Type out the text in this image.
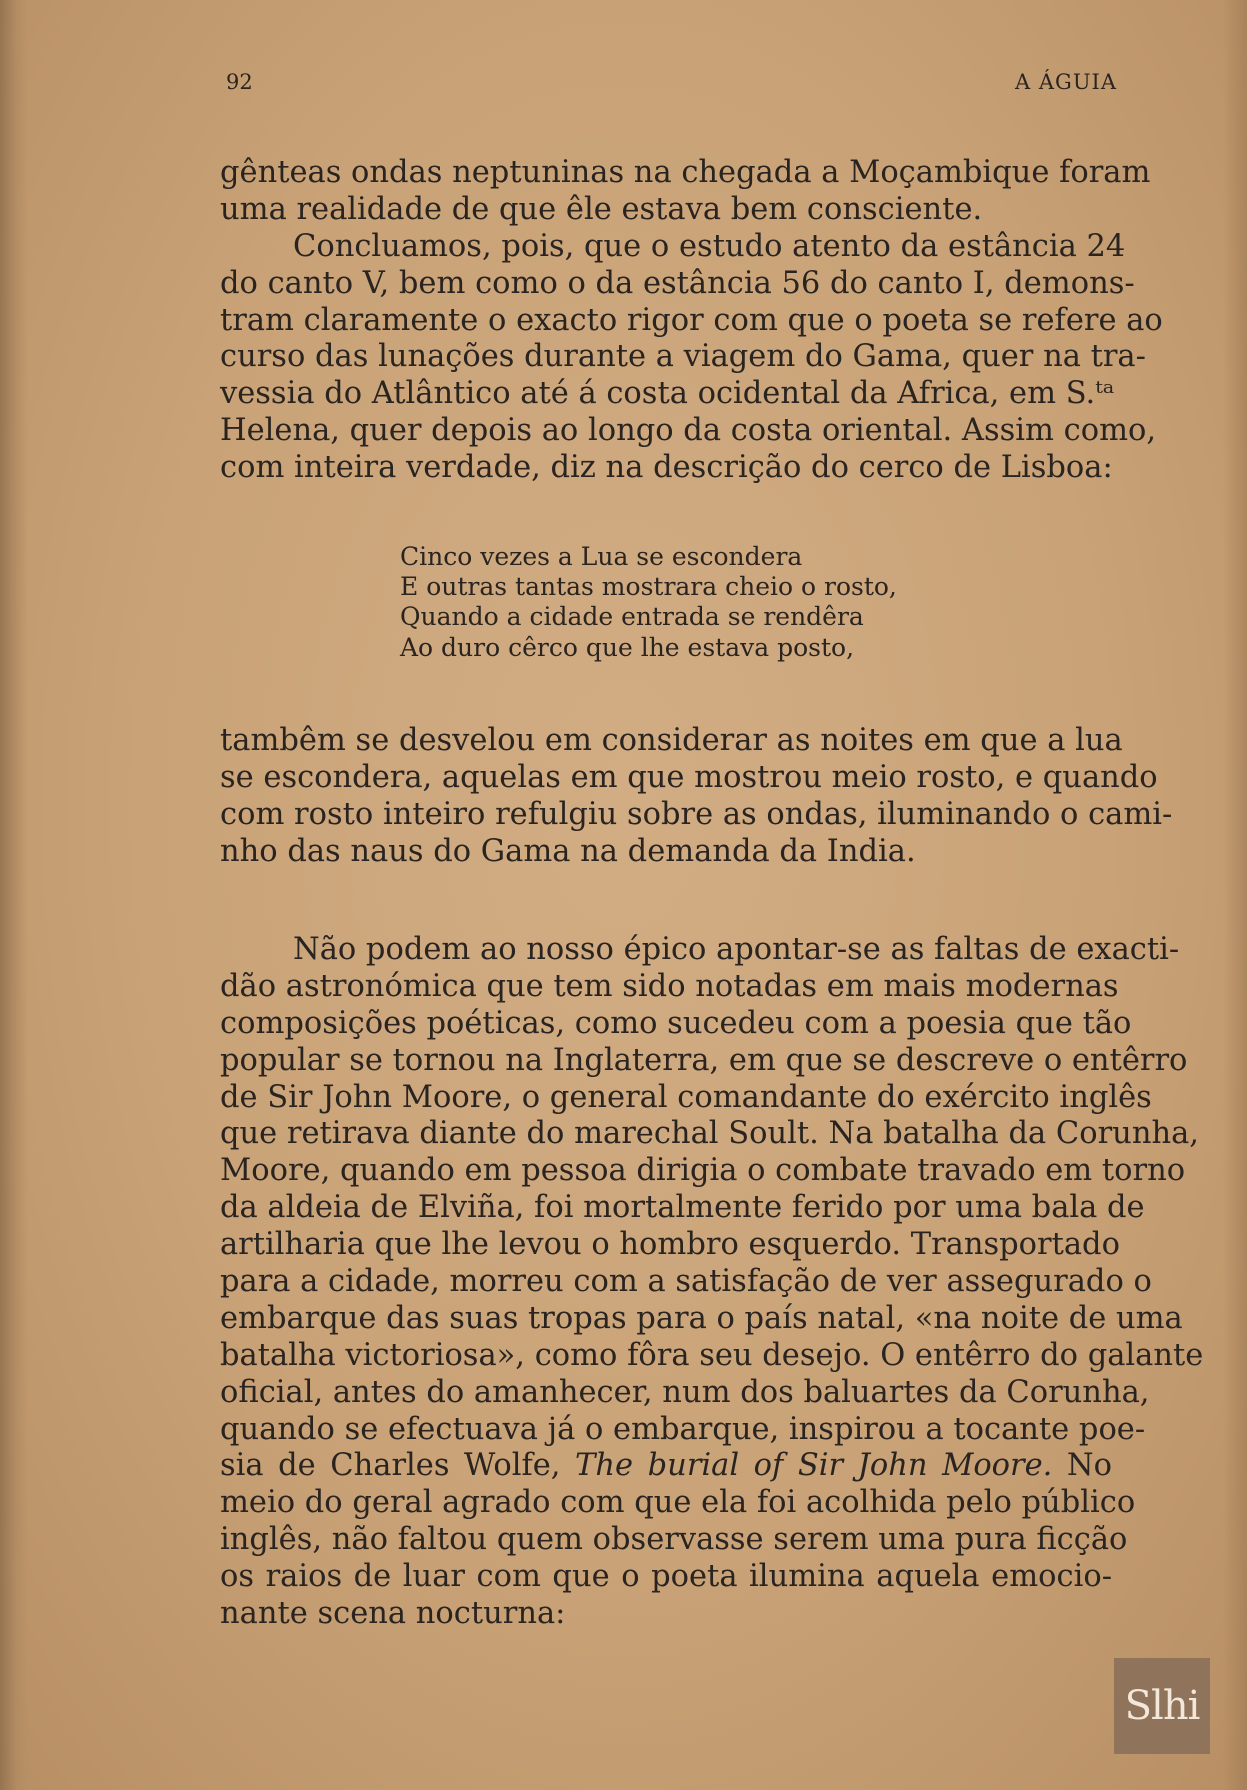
92	A ÁGUIA
gênteas ondas neptuninas na chegada a Moçambique foram
uma realidade de que êle estava bem consciente.
Concluamos, pois, que o estudo atento da estância 24
do canto V, bem como o da estância 56 do canto I, demons-
tram claramente o exacto rigor com que o poeta se refere ao
curso das lunações durante a viagem do Gama, quer na tra-
vessia do Atlântico até á costa ocidental da Africa, em S.ᵗᵃ
Helena, quer depois ao longo da costa oriental. Assim como,
com inteira verdade, diz na descrição do cerco de Lisboa:
Cinco vezes a Lua se escondera
E outras tantas mostrara cheio o rosto,
Quando a cidade entrada se rendêra
Ao duro cêrco que lhe estava posto,
tambêm se desvelou em considerar as noites em que a lua
se escondera, aquelas em que mostrou meio rosto, e quando
com rosto inteiro refulgiu sobre as ondas, iluminando o cami-
nho das naus do Gama na demanda da India.
Não podem ao nosso épico apontar-se as faltas de exacti-
dão astronómica que tem sido notadas em mais modernas
composições poéticas, como sucedeu com a poesia que tão
popular se tornou na Inglaterra, em que se descreve o entêrro
de Sir John Moore, o general comandante do exército inglês
que retirava diante do marechal Soult. Na batalha da Corunha,
Moore, quando em pessoa dirigia o combate travado em torno
da aldeia de Elviña, foi mortalmente ferido por uma bala de
artilharia que lhe levou o hombro esquerdo. Transportado
para a cidade, morreu com a satisfação de ver assegurado o
embarque das suas tropas para o país natal, «na noite de uma
batalha victoriosa», como fôra seu desejo. O entêrro do galante
oficial, antes do amanhecer, num dos baluartes da Corunha,
quando se efectuava já o embarque, inspirou a tocante poe-
sia de Charles Wolfe, The burial of Sir John Moore. No
meio do geral agrado com que ela foi acolhida pelo público
inglês, não faltou quem observasse serem uma pura ficção
os raios de luar com que o poeta ilumina aquela emocio-
nante scena nocturna:
Slhi
